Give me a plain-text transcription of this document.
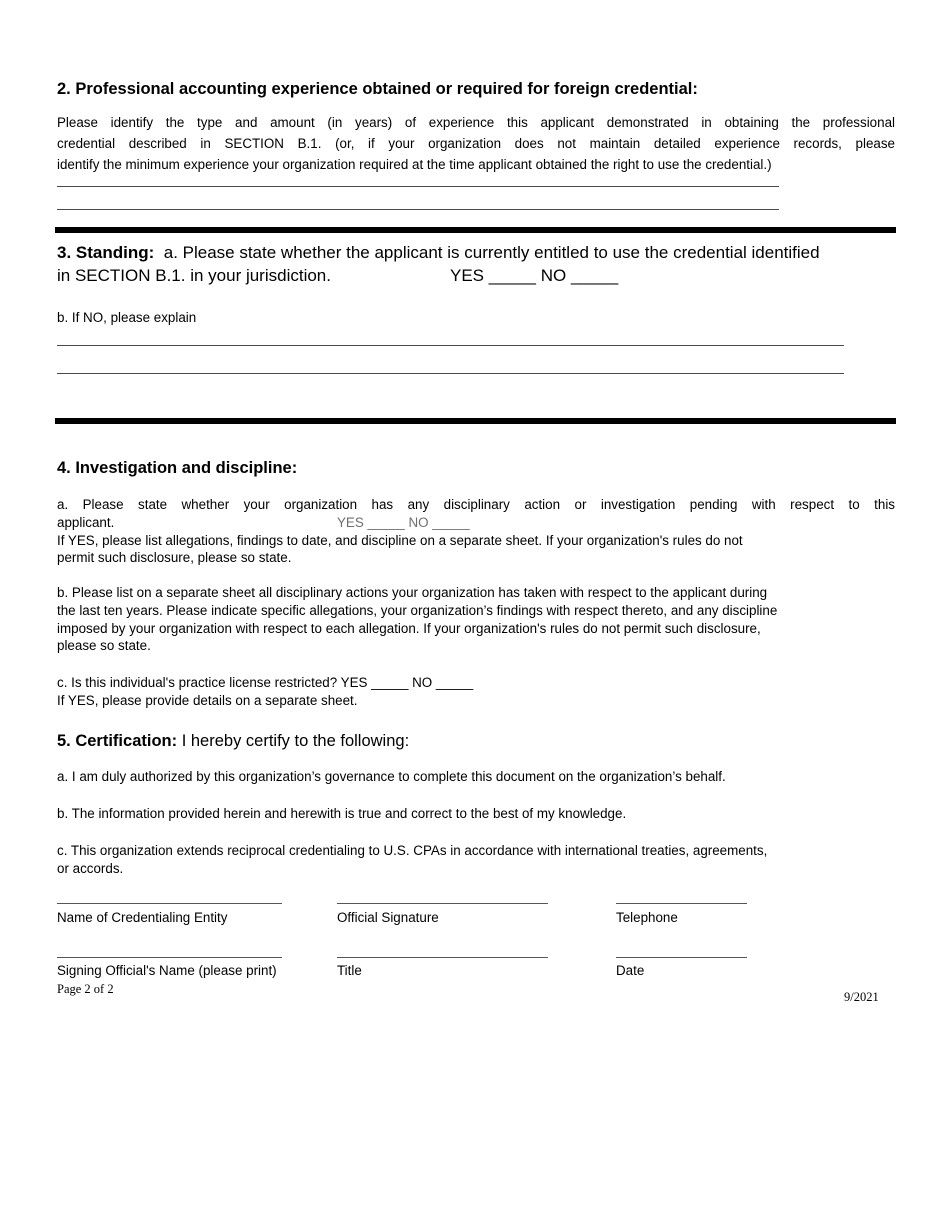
2. Professional accounting experience obtained or required for foreign credential:
Please identify the type and amount (in years) of experience this applicant demonstrated in obtaining the professional
credential described in SECTION B.1. (or, if your organization does not maintain detailed experience records, please
identify the minimum experience your organization required at the time applicant obtained the right to use the credential.)
3. Standing: a. Please state whether the applicant is currently entitled to use the credential identified
in SECTION B.1. in your jurisdiction.	YES _____ NO _____
b. If NO, please explain
4. Investigation and discipline:
a. Please state whether your organization has any disciplinary action or investigation pending with respect to this
applicant.	YES _____ NO _____
If YES, please list allegations, findings to date, and discipline on a separate sheet. If your organization's rules do not
permit such disclosure, please so state.
b. Please list on a separate sheet all disciplinary actions your organization has taken with respect to the applicant during
the last ten years. Please indicate specific allegations, your organization’s findings with respect thereto, and any discipline
imposed by your organization with respect to each allegation. If your organization's rules do not permit such disclosure,
please so state.
c. Is this individual's practice license restricted? YES _____ NO _____
If YES, please provide details on a separate sheet.
5. Certification: I hereby certify to the following:
a. I am duly authorized by this organization’s governance to complete this document on the organization’s behalf.
b. The information provided herein and herewith is true and correct to the best of my knowledge.
c. This organization extends reciprocal credentialing to U.S. CPAs in accordance with international treaties, agreements,
or accords.
Name of Credentialing Entity	Official Signature	Telephone
Signing Official's Name (please print)	Title	Date
Page 2 of 2
9/2021
